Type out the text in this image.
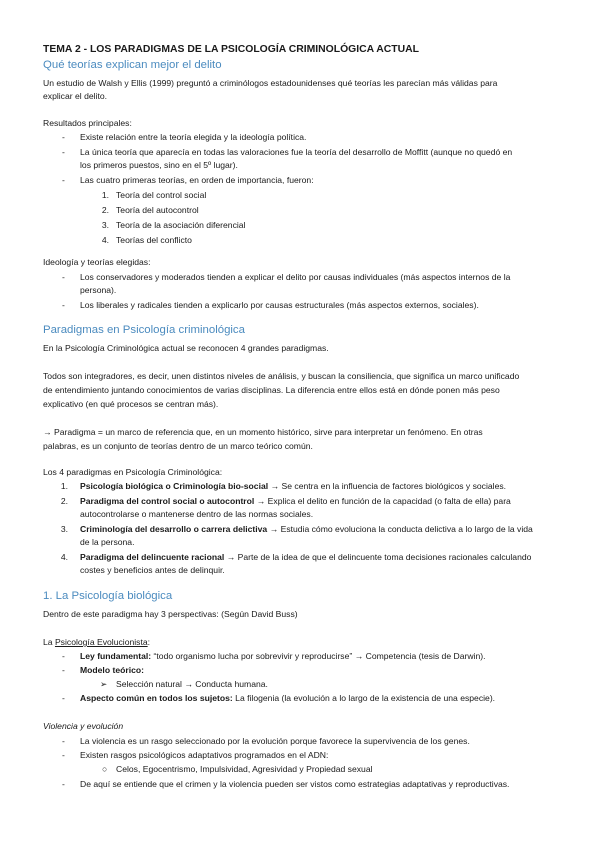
TEMA 2 - LOS PARADIGMAS DE LA PSICOLOGÍA CRIMINOLÓGICA ACTUAL
Qué teorías explican mejor el delito
Un estudio de Walsh y Ellis (1999) preguntó a criminólogos estadounidenses qué teorías les parecían más válidas para
explicar el delito.
Resultados principales:
- Existe relación entre la teoría elegida y la ideología política.
- La única teoría que aparecía en todas las valoraciones fue la teoría del desarrollo de Moffitt (aunque no quedó en
los primeros puestos, sino en el 5º lugar).
- Las cuatro primeras teorías, en orden de importancia, fueron:
1. Teoría del control social
2. Teoría del autocontrol
3. Teoría de la asociación diferencial
4. Teorías del conflicto
Ideología y teorías elegidas:
- Los conservadores y moderados tienden a explicar el delito por causas individuales (más aspectos internos de la
persona).
- Los liberales y radicales tienden a explicarlo por causas estructurales (más aspectos externos, sociales).
Paradigmas en Psicología criminológica
En la Psicología Criminológica actual se reconocen 4 grandes paradigmas.
Todos son integradores, es decir, unen distintos niveles de análisis, y buscan la consiliencia, que significa un marco unificado
de entendimiento juntando conocimientos de varias disciplinas. La diferencia entre ellos está en dónde ponen más peso
explicativo (en qué procesos se centran más).
→ Paradigma = un marco de referencia que, en un momento histórico, sirve para interpretar un fenómeno. En otras
palabras, es un conjunto de teorías dentro de un marco teórico común.
Los 4 paradigmas en Psicología Criminológica:
1. Psicología biológica o Criminología bio-social → Se centra en la influencia de factores biológicos y sociales.
2. Paradigma del control social o autocontrol → Explica el delito en función de la capacidad (o falta de ella) para
autocontrolarse o mantenerse dentro de las normas sociales.
3. Criminología del desarrollo o carrera delictiva → Estudia cómo evoluciona la conducta delictiva a lo largo de la vida
de la persona.
4. Paradigma del delincuente racional → Parte de la idea de que el delincuente toma decisiones racionales calculando
costes y beneficios antes de delinquir.
1. La Psicología biológica
Dentro de este paradigma hay 3 perspectivas: (Según David Buss)
La Psicología Evolucionista:
- Ley fundamental: “todo organismo lucha por sobrevivir y reproducirse” → Competencia (tesis de Darwin).
- Modelo teórico:
➢ Selección natural → Conducta humana.
- Aspecto común en todos los sujetos: La filogenia (la evolución a lo largo de la existencia de una especie).
Violencia y evolución
- La violencia es un rasgo seleccionado por la evolución porque favorece la supervivencia de los genes.
- Existen rasgos psicológicos adaptativos programados en el ADN:
○ Celos, Egocentrismo, Impulsividad, Agresividad y Propiedad sexual
- De aquí se entiende que el crimen y la violencia pueden ser vistos como estrategias adaptativas y reproductivas.
